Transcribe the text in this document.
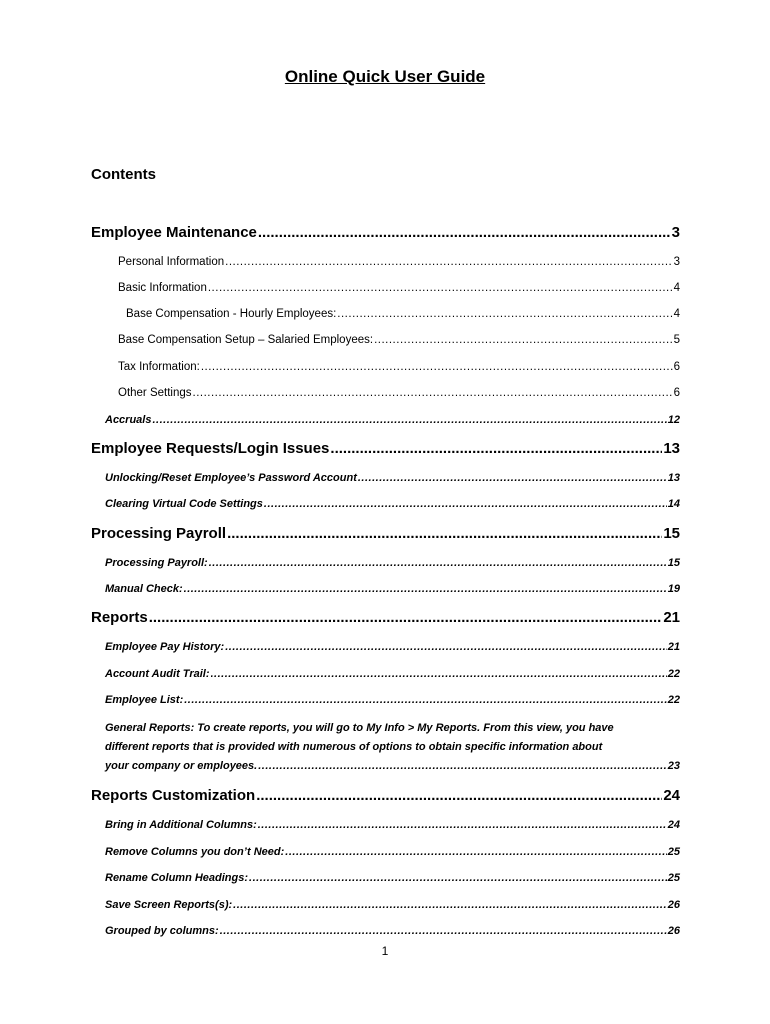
Online Quick User Guide
Contents
Employee Maintenance .....	3
Personal Information .....	3
Basic Information .....	4
Base Compensation - Hourly Employees: .....	4
Base Compensation Setup – Salaried Employees: .....	5
Tax Information: .....	6
Other Settings .....	6
Accruals .....	12
Employee Requests/Login Issues .....	13
Unlocking/Reset Employee’s Password Account .....	13
Clearing Virtual Code Settings .....	14
Processing Payroll .....	15
Processing Payroll: .....	15
Manual Check: .....	19
Reports .....	21
Employee Pay History: .....	21
Account Audit Trail: .....	22
Employee List: .....	22
General Reports: To create reports, you will go to My Info > My Reports. From this view, you have
different reports that is provided with numerous of options to obtain specific information about
your company or employees. .....	23
Reports Customization .....	24
Bring in Additional Columns: .....	24
Remove Columns you don’t Need: .....	25
Rename Column Headings: .....	25
Save Screen Reports(s): .....	26
Grouped by columns: .....	26
1
